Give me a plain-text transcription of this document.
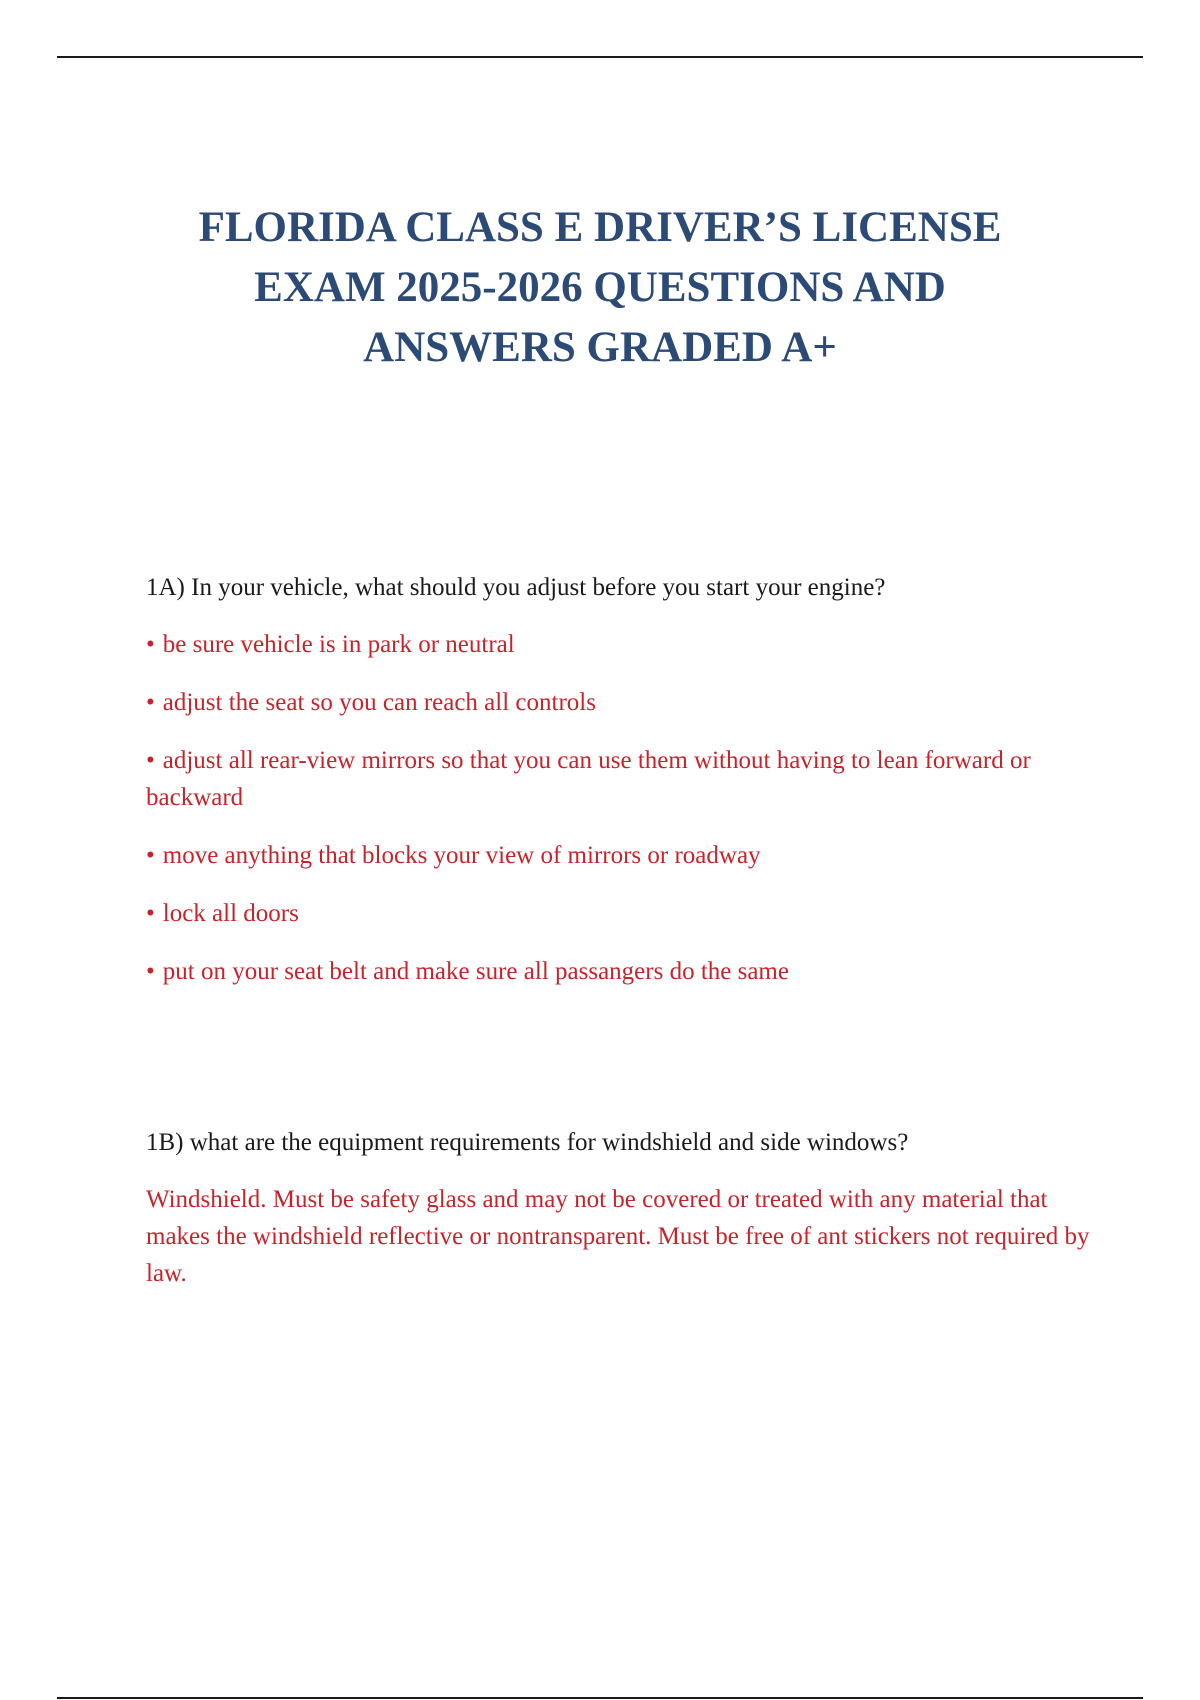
FLORIDA CLASS E DRIVER’S LICENSE
EXAM 2025-2026 QUESTIONS AND
ANSWERS GRADED A+

1A) In your vehicle, what should you adjust before you start your engine?

• be sure vehicle is in park or neutral
• adjust the seat so you can reach all controls
• adjust all rear-view mirrors so that you can use them without having to lean forward or backward
• move anything that blocks your view of mirrors or roadway
• lock all doors
• put on your seat belt and make sure all passangers do the same

1B) what are the equipment requirements for windshield and side windows?

Windshield. Must be safety glass and may not be covered or treated with any material that makes the windshield reflective or nontransparent. Must be free of ant stickers not required by law.
